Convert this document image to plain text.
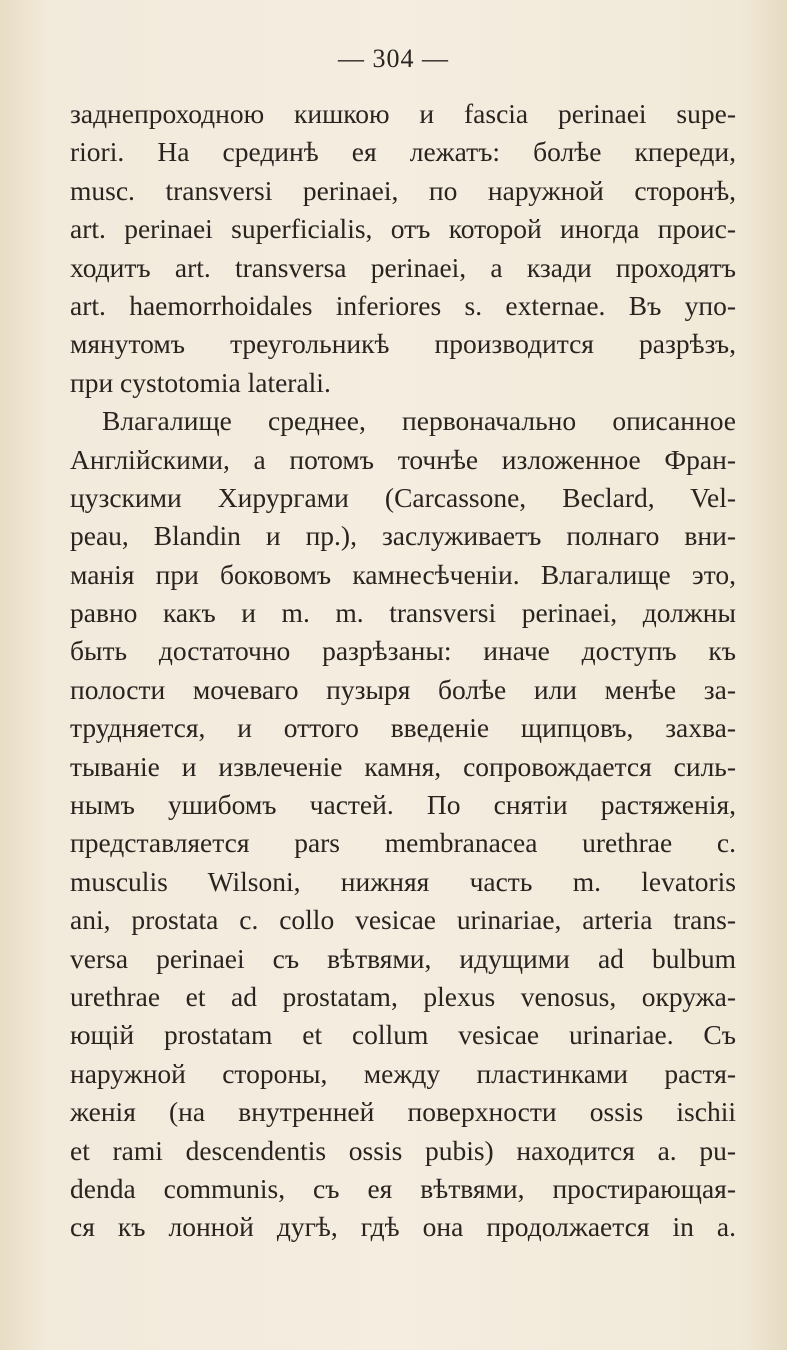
— 304 —
заднепроходною кишкою и fascia perinaei supe-
riori. На срединѣ ея лежатъ: болѣе кпереди,
musc. transversi perinaei, по наружной сторонѣ,
art. perinaei superficialis, отъ которой иногда проис-
ходитъ art. transversa perinaei, а кзади проходятъ
art. haemorrhoidales inferiores s. externae. Въ упо-
мянутомъ треугольникѣ производится разрѣзъ,
при cystotomia laterali.
Влагалище среднее, первоначально описанное
Англійскими, а потомъ точнѣе изложенное Фран-
цузскими Хирургами (Carcassone, Beclard, Vel-
peau, Blandin и пр.), заслуживаетъ полнаго вни-
манія при боковомъ камнесѣченіи. Влагалище это,
равно какъ и m. m. transversi perinaei, должны
быть достаточно разрѣзаны: иначе доступъ къ
полости мочеваго пузыря болѣе или менѣе за-
трудняется, и оттого введеніе щипцовъ, захва-
тываніе и извлеченіе камня, сопровождается силь-
нымъ ушибомъ частей. По снятіи растяженія,
представляется pars membranacea urethrae c.
musculis Wilsoni, нижняя часть m. levatoris
ani, prostata c. collo vesicae urinariae, arteria trans-
versa perinaei съ вѣтвями, идущими ad bulbum
urethrae et ad prostatam, plexus venosus, окружа-
ющій prostatam et collum vesicae urinariae. Съ
наружной стороны, между пластинками растя-
женія (на внутренней поверхности ossis ischii
et rami descendentis ossis pubis) находится a. pu-
denda communis, съ ея вѣтвями, простирающая-
ся къ лонной дугѣ, гдѣ она продолжается in a.
